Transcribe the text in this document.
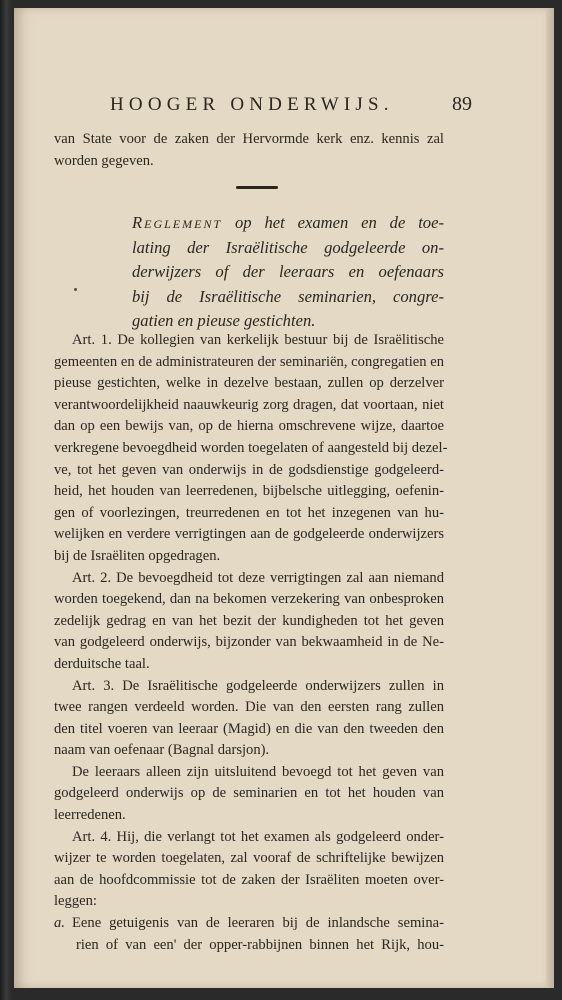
HOOGER ONDERWIJS.	89
van State voor de zaken der Hervormde kerk enz. kennis zal
worden gegeven.
Reglement op het examen en de toe-
lating der Israëlitische godgeleerde on-
derwijzers of der leeraars en oefenaars
bij de Israëlitische seminarien, congre-
gatien en pieuse gestichten.
Art. 1. De kollegien van kerkelijk bestuur bij de Israëlitische
gemeenten en de administrateuren der seminariën, congregatien en
pieuse gestichten, welke in dezelve bestaan, zullen op derzelver
verantwoordelijkheid naauwkeurig zorg dragen, dat voortaan, niet
dan op een bewijs van, op de hierna omschrevene wijze, daartoe
verkregene bevoegdheid worden toegelaten of aangesteld bij dezel-
ve, tot het geven van onderwijs in de godsdienstige godgeleerd-
heid, het houden van leerredenen, bijbelsche uitlegging, oefenin-
gen of voorlezingen, treurredenen en tot het inzegenen van hu-
welijken en verdere verrigtingen aan de godgeleerde onderwijzers
bij de Israëliten opgedragen.
Art. 2. De bevoegdheid tot deze verrigtingen zal aan niemand
worden toegekend, dan na bekomen verzekering van onbesproken
zedelijk gedrag en van het bezit der kundigheden tot het geven
van godgeleerd onderwijs, bijzonder van bekwaamheid in de Ne-
derduitsche taal.
Art. 3. De Israëlitische godgeleerde onderwijzers zullen in
twee rangen verdeeld worden. Die van den eersten rang zullen
den titel voeren van leeraar (Magid) en die van den tweeden den
naam van oefenaar (Bagnal darsjon).
De leeraars alleen zijn uitsluitend bevoegd tot het geven van
godgeleerd onderwijs op de seminarien en tot het houden van
leerredenen.
Art. 4. Hij, die verlangt tot het examen als godgeleerd onder-
wijzer te worden toegelaten, zal vooraf de schriftelijke bewijzen
aan de hoofdcommissie tot de zaken der Israëliten moeten over-
leggen:
a. Eene getuigenis van de leeraren bij de inlandsche semina-
rien of van een' der opper-rabbijnen binnen het Rijk, hou-
